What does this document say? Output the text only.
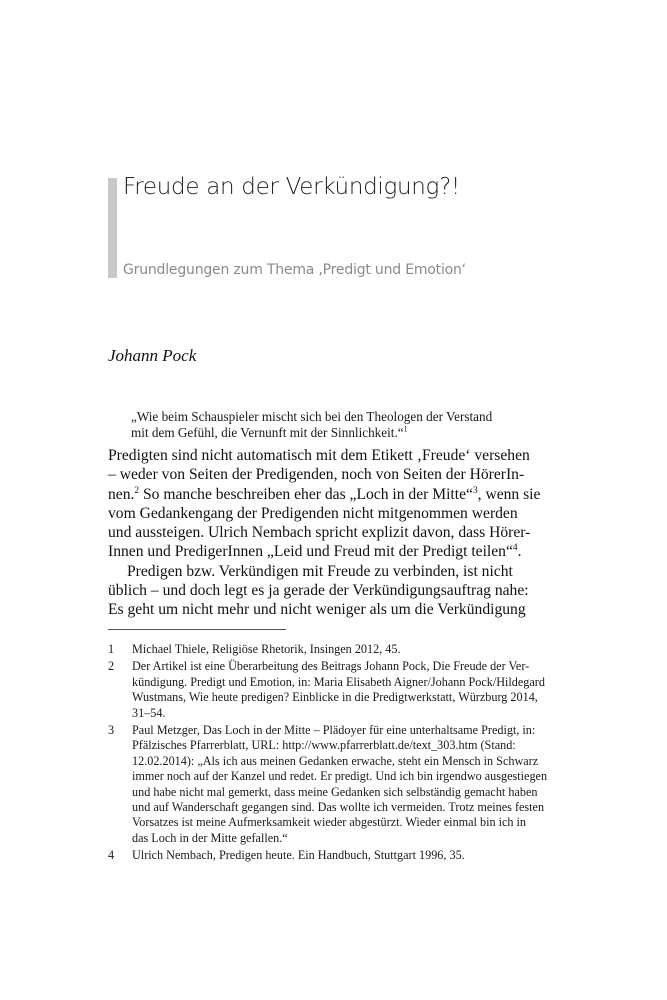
Freude an der Verkündigung?!
Grundlegungen zum Thema ‚Predigt und Emotion‘
Johann Pock
„Wie beim Schauspieler mischt sich bei den Theologen der Verstand
mit dem Gefühl, die Vernunft mit der Sinnlichkeit.“$^1$
Predigten sind nicht automatisch mit dem Etikett ‚Freude‘ versehen
– weder von Seiten der Predigenden, noch von Seiten der HörerIn-
nen.$^2$ So manche beschreiben eher das „Loch in der Mitte“$^3$, wenn sie
vom Gedankengang der Predigenden nicht mitgenommen werden
und aussteigen. Ulrich Nembach spricht explizit davon, dass Hörer-
Innen und PredigerInnen „Leid und Freud mit der Predigt teilen“$^4$.
Predigen bzw. Verkündigen mit Freude zu verbinden, ist nicht
üblich – und doch legt es ja gerade der Verkündigungsauftrag nahe:
Es geht um nicht mehr und nicht weniger als um die Verkündigung
1 Michael Thiele, Religiöse Rhetorik, Insingen 2012, 45.
2 Der Artikel ist eine Überarbeitung des Beitrags Johann Pock, Die Freude der Ver-
kündigung. Predigt und Emotion, in: Maria Elisabeth Aigner/Johann Pock/Hildegard
Wustmans, Wie heute predigen? Einblicke in die Predigtwerkstatt, Würzburg 2014,
31–54.
3 Paul Metzger, Das Loch in der Mitte – Plädoyer für eine unterhaltsame Predigt, in:
Pfälzisches Pfarrerblatt, URL: http://www.pfarrerblatt.de/text_303.htm (Stand:
12.02.2014): „Als ich aus meinen Gedanken erwache, steht ein Mensch in Schwarz
immer noch auf der Kanzel und redet. Er predigt. Und ich bin irgendwo ausgestiegen
und habe nicht mal gemerkt, dass meine Gedanken sich selbständig gemacht haben
und auf Wanderschaft gegangen sind. Das wollte ich vermeiden. Trotz meines festen
Vorsatzes ist meine Aufmerksamkeit wieder abgestürzt. Wieder einmal bin ich in
das Loch in der Mitte gefallen.“
4 Ulrich Nembach, Predigen heute. Ein Handbuch, Stuttgart 1996, 35.
